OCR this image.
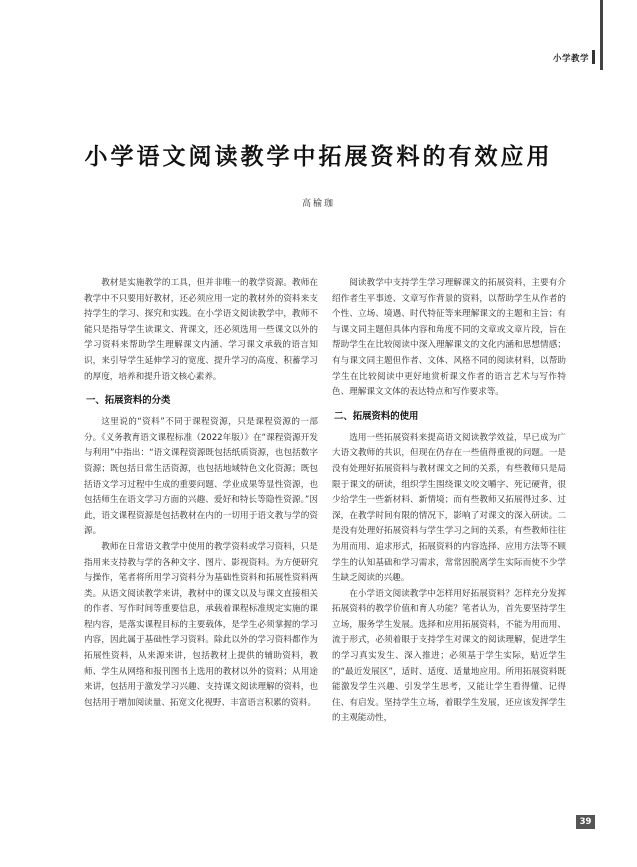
小学教学
小学语文阅读教学中拓展资料的有效应用
高榆珈

教材是实施教学的工具，但并非唯一的教学资源。教师在教学中不只要用好教材，还必须应用一定的教材外的资料来支持学生的学习、探究和实践。在小学语文阅读教学中，教师不能只是指导学生读课文、背课文，还必须选用一些课文以外的学习资料来帮助学生理解课文内涵、学习课文承载的语言知识，来引导学生延伸学习的宽度、提升学习的高度、积蓄学习的厚度，培养和提升语文核心素养。

一、拓展资料的分类

这里说的“资料”不同于课程资源，只是课程资源的一部分。《义务教育语文课程标准（2022年版）》在“课程资源开发与利用”中指出：“语文课程资源既包括纸质资源，也包括数字资源；既包括日常生活资源，也包括地域特色文化资源；既包括语文学习过程中生成的重要问题、学业成果等显性资源，也包括师生在语文学习方面的兴趣、爱好和特长等隐性资源。”因此，语文课程资源是包括教材在内的一切用于语文教与学的资源。

教师在日常语文教学中使用的教学资料或学习资料，只是指用来支持教与学的各种文字、图片、影视资料。为方便研究与操作，笔者将所用学习资料分为基础性资料和拓展性资料两类。从语文阅读教学来讲，教材中的课文以及与课文直接相关的作者、写作时间等重要信息，承载着课程标准规定实施的课程内容，是落实课程目标的主要载体，是学生必须掌握的学习内容，因此属于基础性学习资料。除此以外的学习资料都作为拓展性资料，从来源来讲，包括教材上提供的辅助资料，教师、学生从网络和报刊图书上选用的教材以外的资料；从用途来讲，包括用于激发学习兴趣、支持课文阅读理解的资料，也包括用于增加阅读量、拓宽文化视野、丰富语言积累的资料。

阅读教学中支持学生学习理解课文的拓展资料，主要有介绍作者生平事迹、文章写作背景的资料，以帮助学生从作者的个性、立场、境遇、时代特征等来理解课文的主题和主旨；有与课文同主题但具体内容和角度不同的文章或文章片段，旨在帮助学生在比较阅读中深入理解课文的文化内涵和思想情感；有与课文同主题但作者、文体、风格不同的阅读材料，以帮助学生在比较阅读中更好地赏析课文作者的语言艺术与写作特色、理解课文文体的表达特点和写作要求等。

二、拓展资料的使用

选用一些拓展资料来提高语文阅读教学效益，早已成为广大语文教师的共识，但现在仍存在一些值得重视的问题。一是没有处理好拓展资料与教材课文之间的关系，有些教师只是局限于课文的研读，组织学生围绕课文咬文嚼字、死记硬背，很少给学生一些新材料、新情境；而有些教师又拓展得过多、过深，在教学时间有限的情况下，影响了对课文的深入研读。二是没有处理好拓展资料与学生学习之间的关系，有些教师往往为用而用、追求形式，拓展资料的内容选择、应用方法等不顾学生的认知基础和学习需求，常常因脱离学生实际而使不少学生缺乏阅读的兴趣。

在小学语文阅读教学中怎样用好拓展资料？怎样充分发挥拓展资料的教学价值和育人功能？笔者认为，首先要坚持学生立场，服务学生发展。选择和应用拓展资料，不能为用而用、流于形式，必须着眼于支持学生对课文的阅读理解，促进学生的学习真实发生、深入推进；必须基于学生实际，贴近学生的“最近发展区”，适时、适度、适量地应用。所用拓展资料既能激发学生兴趣、引发学生思考，又能让学生看得懂、记得住、有启发。坚持学生立场，着眼学生发展，还应该发挥学生的主观能动性，

39
